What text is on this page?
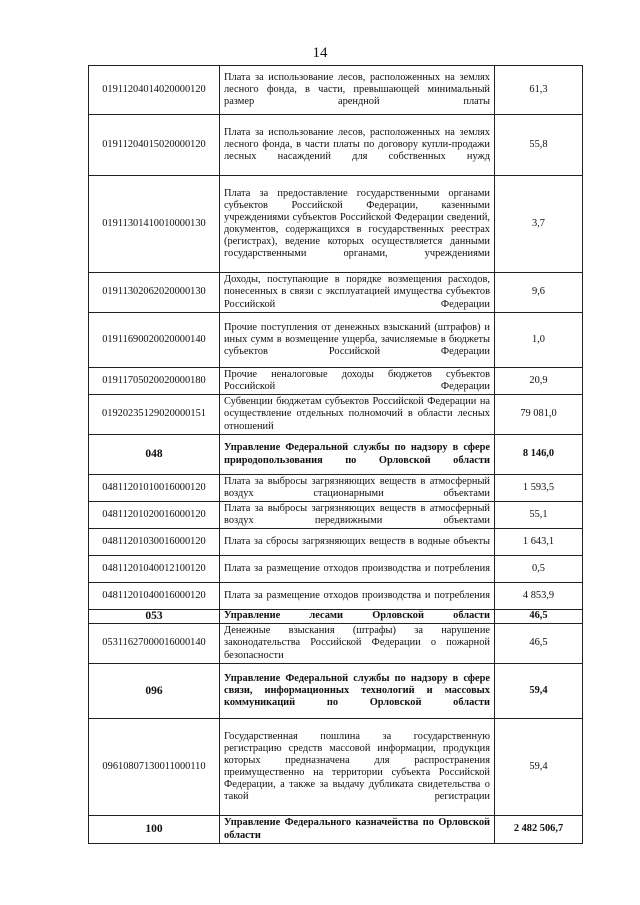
14
01911204014020000120	Плата за использование лесов, расположенных на землях лесного фонда, в части, превышающей минимальный размер арендной платы	61,3
01911204015020000120	Плата за использование лесов, расположенных на землях лесного фонда, в части платы по договору купли-продажи лесных насаждений для собственных нужд	55,8
01911301410010000130	Плата за предоставление государственными органами субъектов Российской Федерации, казенными учреждениями субъектов Российской Федерации сведений, документов, содержащихся в государственных реестрах (регистрах), ведение которых осуществляется данными государственными органами, учреждениями	3,7
01911302062020000130	Доходы, поступающие в порядке возмещения расходов, понесенных в связи с эксплуатацией имущества субъектов Российской Федерации	9,6
01911690020020000140	Прочие поступления от денежных взысканий (штрафов) и иных сумм в возмещение ущерба, зачисляемые в бюджеты субъектов Российской Федерации	1,0
01911705020020000180	Прочие неналоговые доходы бюджетов субъектов Российской Федерации	20,9
01920235129020000151	Субвенции бюджетам субъектов Российской Федерации на осуществление отдельных полномочий в области лесных отношений	79 081,0
048	Управление Федеральной службы по надзору в сфере природопользования по Орловской области	8 146,0
04811201010016000120	Плата за выбросы загрязняющих веществ в атмосферный воздух стационарными объектами	1 593,5
04811201020016000120	Плата за выбросы загрязняющих веществ в атмосферный воздух передвижными объектами	55,1
04811201030016000120	Плата за сбросы загрязняющих веществ в водные объекты	1 643,1
04811201040012100120	Плата за размещение отходов производства и потребления	0,5
04811201040016000120	Плата за размещение отходов производства и потребления	4 853,9
053	Управление лесами Орловской области	46,5
05311627000016000140	Денежные взыскания (штрафы) за нарушение законодательства Российской Федерации о пожарной безопасности	46,5
096	Управление Федеральной службы по надзору в сфере связи, информационных технологий и массовых коммуникаций по Орловской области	59,4
09610807130011000110	Государственная пошлина за государственную регистрацию средств массовой информации, продукция которых предназначена для распространения преимущественно на территории субъекта Российской Федерации, а также за выдачу дубликата свидетельства о такой регистрации	59,4
100	Управление Федерального казначейства по Орловской области	2 482 506,7
